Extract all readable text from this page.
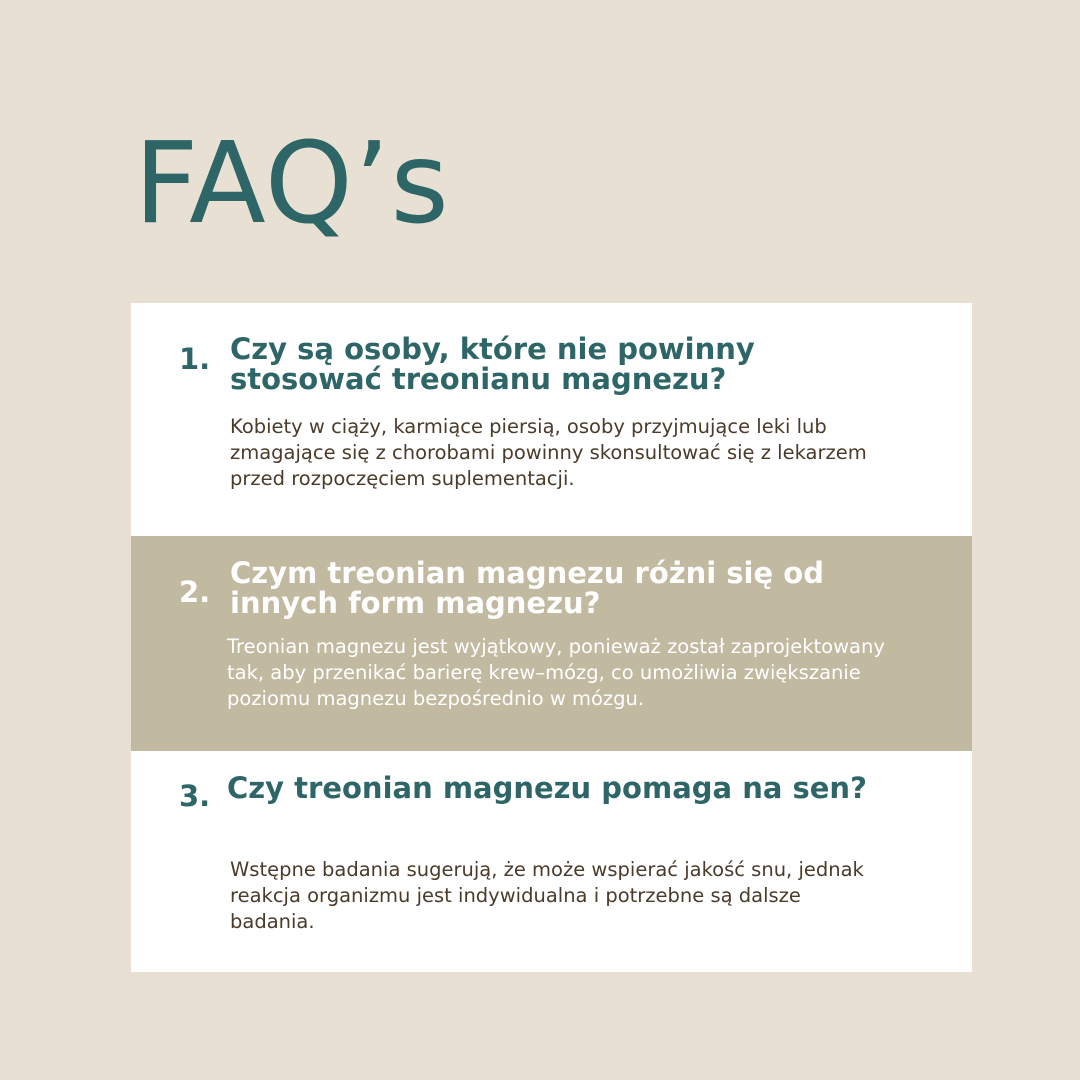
FAQ’s
1. Czy są osoby, które nie powinny stosować treonianu magnezu?

Kobiety w ciąży, karmiące piersią, osoby przyjmujące leki lub zmagające się z chorobami powinny skonsultować się z lekarzem przed rozpoczęciem suplementacji.

2.
Czym treonian magnezu różni się od innych form magnezu?

Treonian magnezu jest wyjątkowy, ponieważ został zaprojektowany tak, aby przenikać barierę krew–mózg, co umożliwia zwiększanie poziomu magnezu bezpośrednio w mózgu.

3. Czy treonian magnezu pomaga na sen?

Wstępne badania sugerują, że może wspierać jakość snu, jednak reakcja organizmu jest indywidualna i potrzebne są dalsze badania.
